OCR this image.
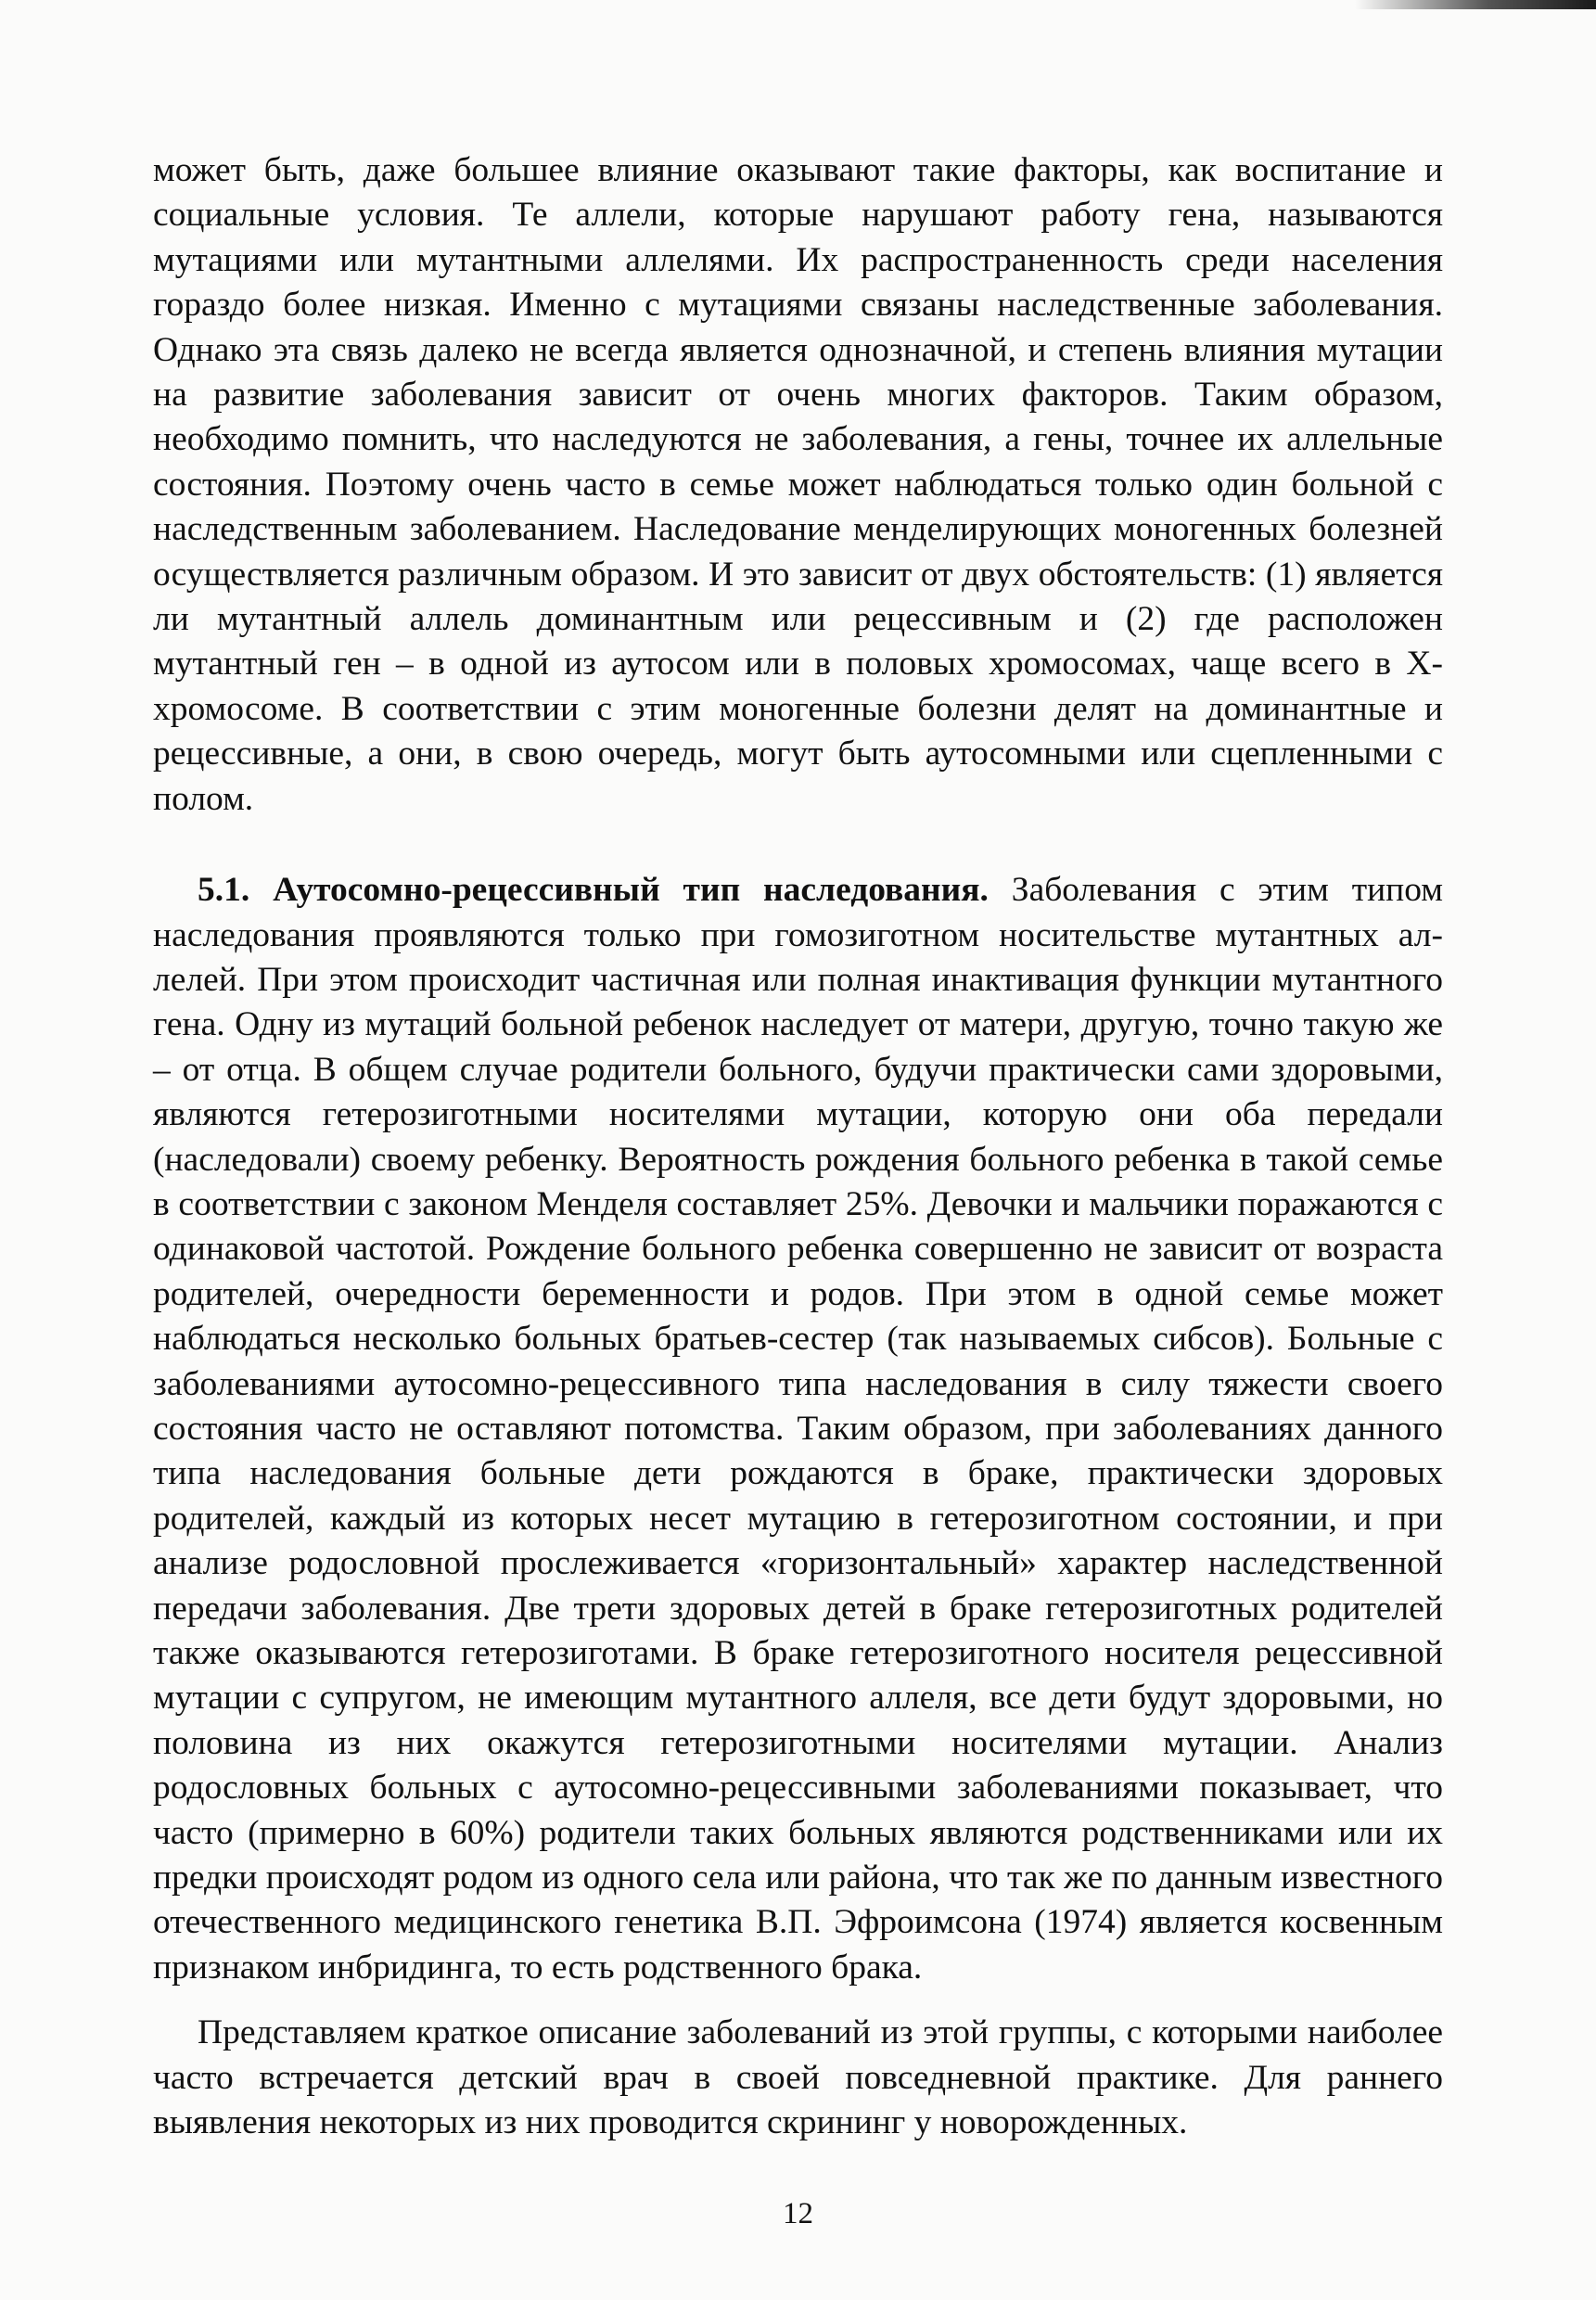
может быть, даже большее влияние оказывают такие факторы, как воспитание и социальные условия. Те аллели, которые нарушают работу гена, называются мутациями или мутантными аллелями. Их распространенность среди населения гораздо более низкая. Именно с мутациями связаны наследственные заболевания. Однако эта связь далеко не всегда является однозначной, и степень влияния мутации на развитие заболевания зависит от очень многих факторов. Таким образом, необходимо помнить, что наследуются не заболевания, а гены, точнее их аллельные состояния. Поэтому очень часто в семье может наблюдаться только один больной с наследственным заболеванием. Наследование менделирующих моногенных болезней осуществляется различным образом. И это зависит от двух обстоятельств: (1) является ли мутантный аллель доминантным или рецессивным и (2) где расположен мутантный ген – в одной из аутосом или в половых хромосомах, чаще всего в Х-хромосоме. В соответствии с этим моногенные болезни делят на доминантные и рецессивные, а они, в свою очередь, могут быть аутосомными или сцепленными с полом.

5.1. Аутосомно-рецессивный тип наследования. Заболевания с этим типом наследования проявляются только при гомозиготном носительстве мутантных аллелей. При этом происходит частичная или полная инактивация функции мутантного гена. Одну из мутаций больной ребенок наследует от матери, другую, точно такую же – от отца. В общем случае родители больного, будучи практически сами здоровыми, являются гетерозиготными носителями мутации, которую они оба передали (наследовали) своему ребенку. Вероятность рождения больного ребенка в такой семье в соответствии с законом Менделя составляет 25%. Девочки и мальчики поражаются с одинаковой частотой. Рождение больного ребенка совершенно не зависит от возраста родителей, очередности беременности и родов. При этом в одной семье может наблюдаться несколько больных братьев-сестер (так называемых сибсов). Больные с заболеваниями аутосомно-рецессивного типа наследования в силу тяжести своего состояния часто не оставляют потомства. Таким образом, при заболеваниях данного типа наследования больные дети рождаются в браке, практически здоровых родителей, каждый из которых несет мутацию в гетерозиготном состоянии, и при анализе родословной прослеживается «горизонтальный» характер наследственной передачи заболевания. Две трети здоровых детей в браке гетерозиготных родителей также оказываются гетерозиготами. В браке гетерозиготного носителя рецессивной мутации с супругом, не имеющим мутантного аллеля, все дети будут здоровыми, но половина из них окажутся гетерозиготными носителями мутации. Анализ родословных больных с аутосомно-рецессивными заболеваниями показывает, что часто (примерно в 60%) родители таких больных являются родственниками или их предки происходят родом из одного села или района, что так же по данным известного отечественного медицинского генетика В.П. Эфроимсона (1974) является косвенным признаком инбридинга, то есть родственного брака.

Представляем краткое описание заболеваний из этой группы, с которыми наиболее часто встречается детский врач в своей повседневной практике. Для раннего выявления некоторых из них проводится скрининг у новорожденных.

12
